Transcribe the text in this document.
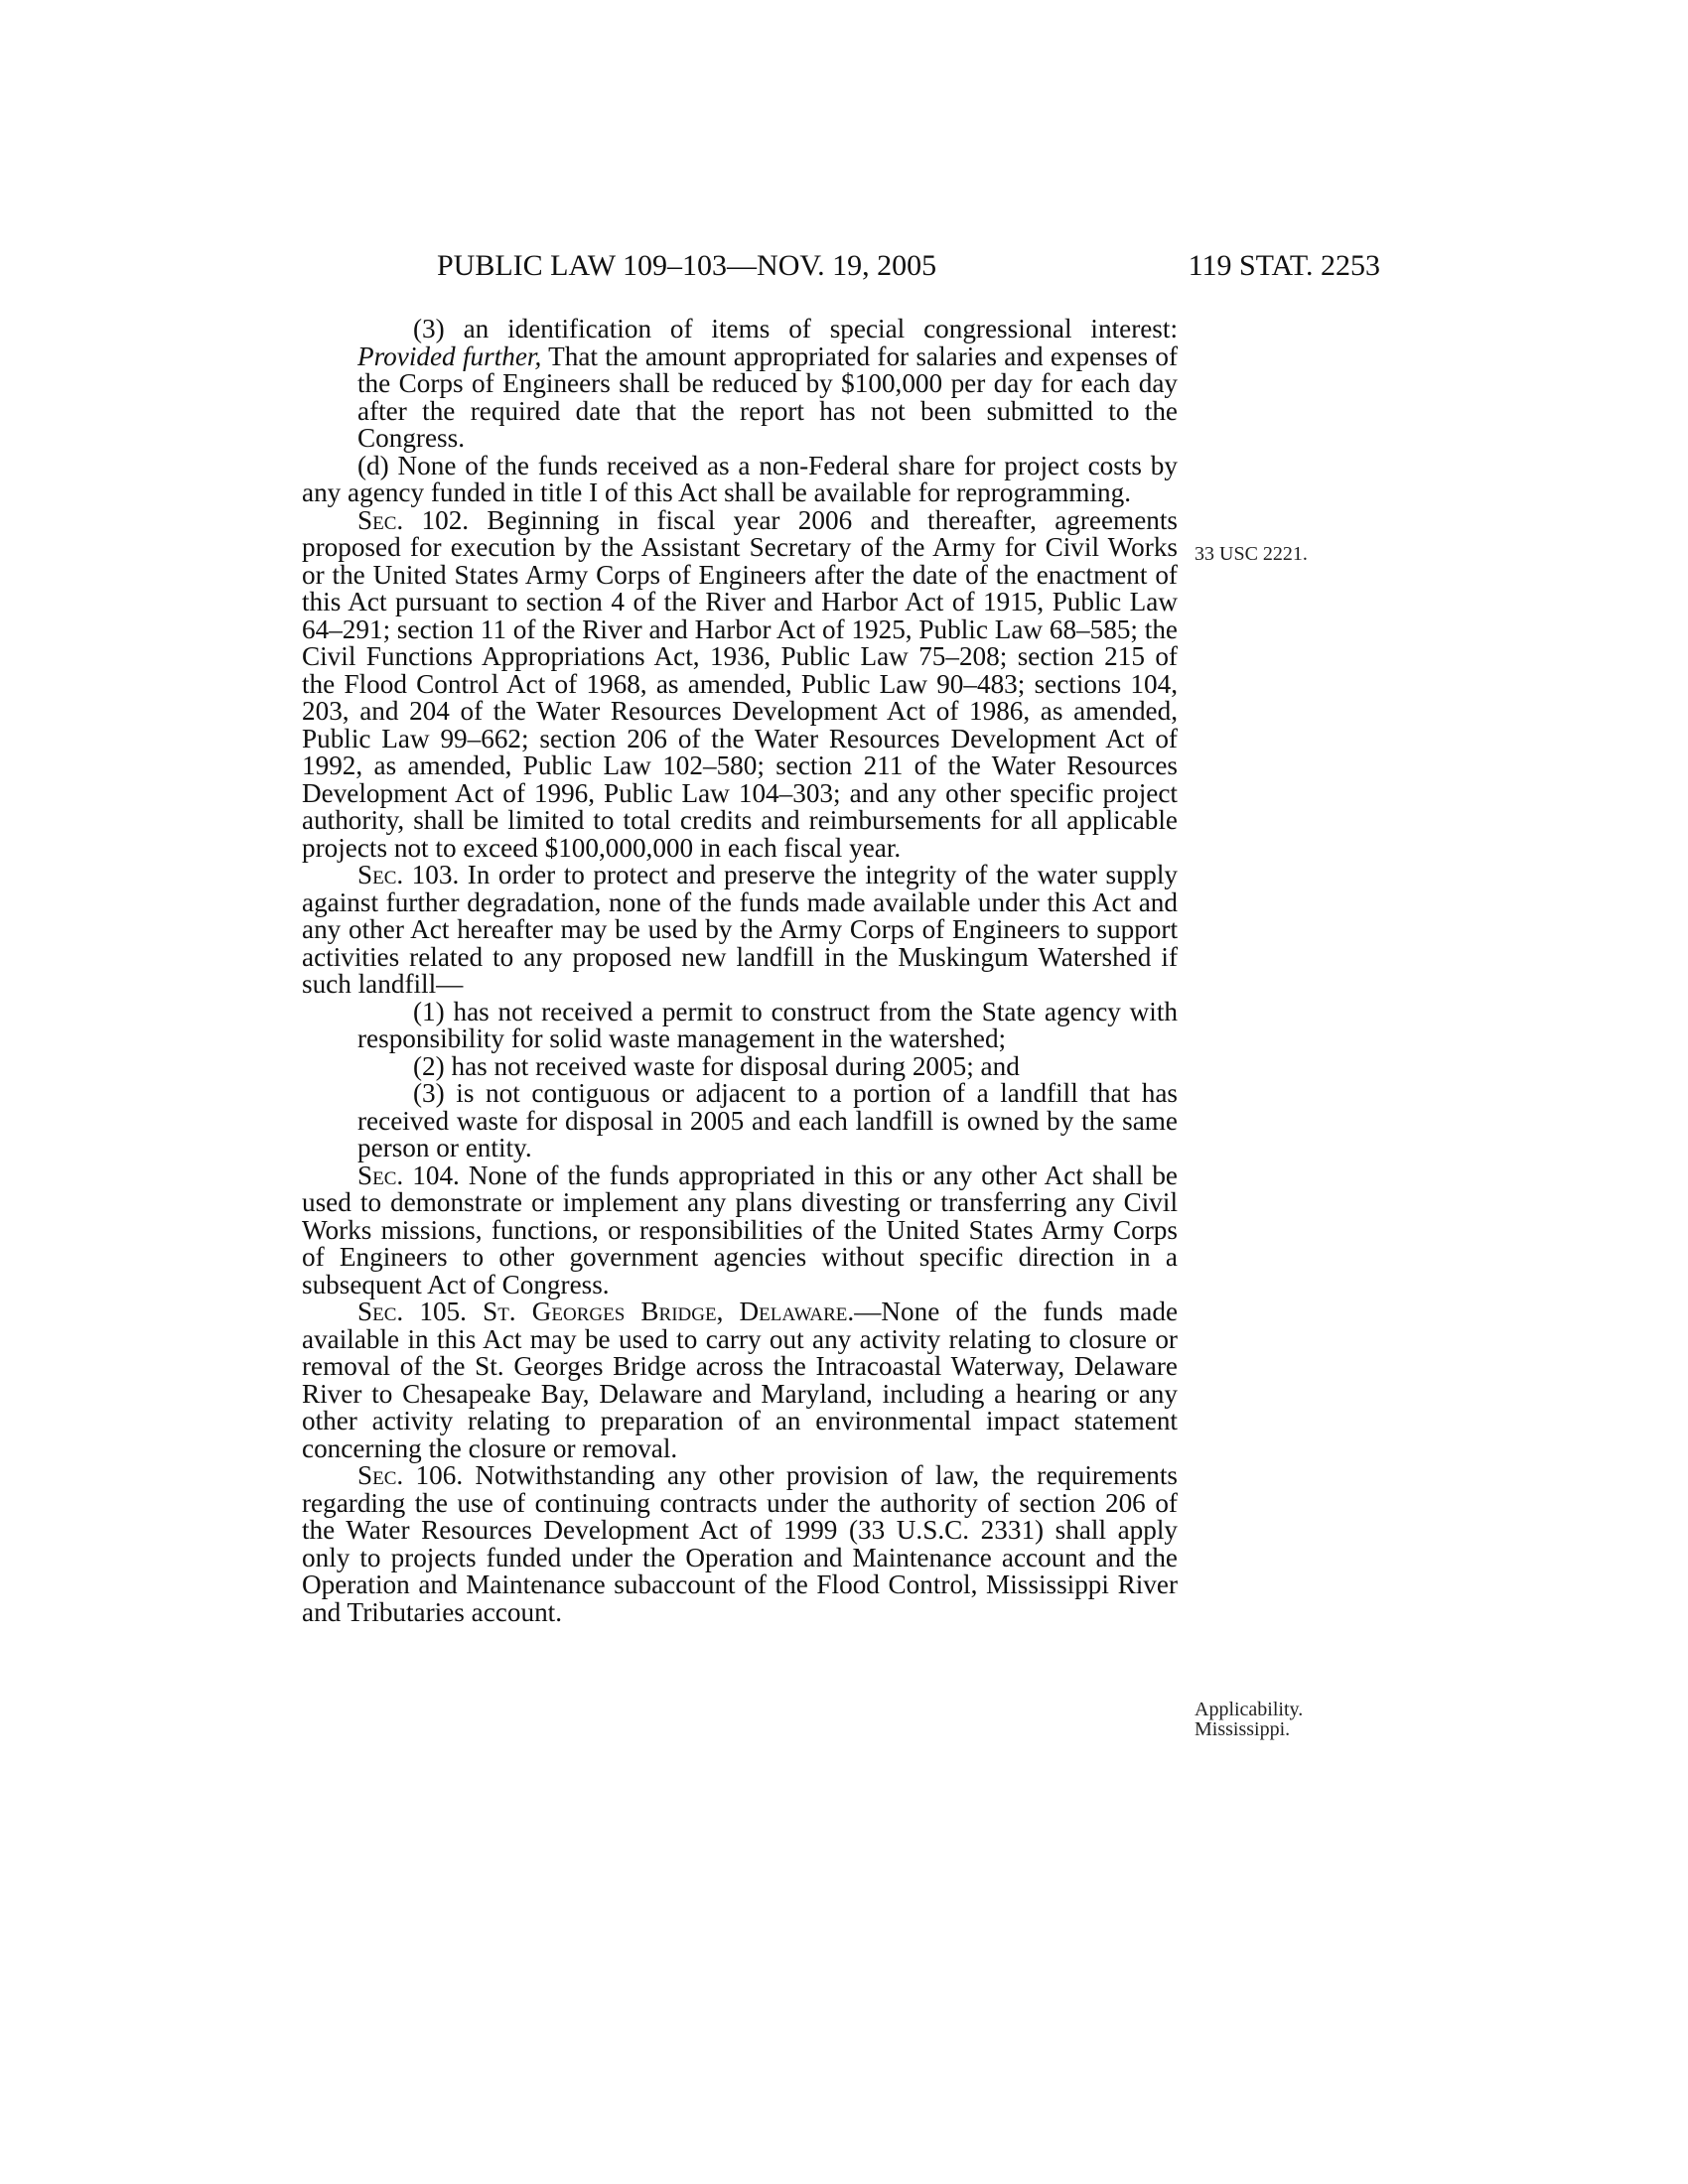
PUBLIC LAW 109–103—NOV. 19, 2005	119 STAT. 2253

(3) an identification of items of special congressional interest: Provided further, That the amount appropriated for salaries and expenses of the Corps of Engineers shall be reduced by $100,000 per day for each day after the required date that the report has not been submitted to the Congress.

(d) None of the funds received as a non-Federal share for project costs by any agency funded in title I of this Act shall be available for reprogramming.

Sec. 102. Beginning in fiscal year 2006 and thereafter, agreements proposed for execution by the Assistant Secretary of the Army for Civil Works or the United States Army Corps of Engineers after the date of the enactment of this Act pursuant to section 4 of the River and Harbor Act of 1915, Public Law 64–291; section 11 of the River and Harbor Act of 1925, Public Law 68–585; the Civil Functions Appropriations Act, 1936, Public Law 75–208; section 215 of the Flood Control Act of 1968, as amended, Public Law 90–483; sections 104, 203, and 204 of the Water Resources Development Act of 1986, as amended, Public Law 99–662; section 206 of the Water Resources Development Act of 1992, as amended, Public Law 102–580; section 211 of the Water Resources Development Act of 1996, Public Law 104–303; and any other specific project authority, shall be limited to total credits and reimbursements for all applicable projects not to exceed $100,000,000 in each fiscal year.

Sec. 103. In order to protect and preserve the integrity of the water supply against further degradation, none of the funds made available under this Act and any other Act hereafter may be used by the Army Corps of Engineers to support activities related to any proposed new landfill in the Muskingum Watershed if such landfill—

(1) has not received a permit to construct from the State agency with responsibility for solid waste management in the watershed;

(2) has not received waste for disposal during 2005; and

(3) is not contiguous or adjacent to a portion of a landfill that has received waste for disposal in 2005 and each landfill is owned by the same person or entity.

Sec. 104. None of the funds appropriated in this or any other Act shall be used to demonstrate or implement any plans divesting or transferring any Civil Works missions, functions, or responsibilities of the United States Army Corps of Engineers to other government agencies without specific direction in a subsequent Act of Congress.

Sec. 105. St. Georges Bridge, Delaware.—None of the funds made available in this Act may be used to carry out any activity relating to closure or removal of the St. Georges Bridge across the Intracoastal Waterway, Delaware River to Chesapeake Bay, Delaware and Maryland, including a hearing or any other activity relating to preparation of an environmental impact statement concerning the closure or removal.

Sec. 106. Notwithstanding any other provision of law, the requirements regarding the use of continuing contracts under the authority of section 206 of the Water Resources Development Act of 1999 (33 U.S.C. 2331) shall apply only to projects funded under the Operation and Maintenance account and the Operation and Maintenance subaccount of the Flood Control, Mississippi River and Tributaries account.

33 USC 2221.
Applicability.
Mississippi.
